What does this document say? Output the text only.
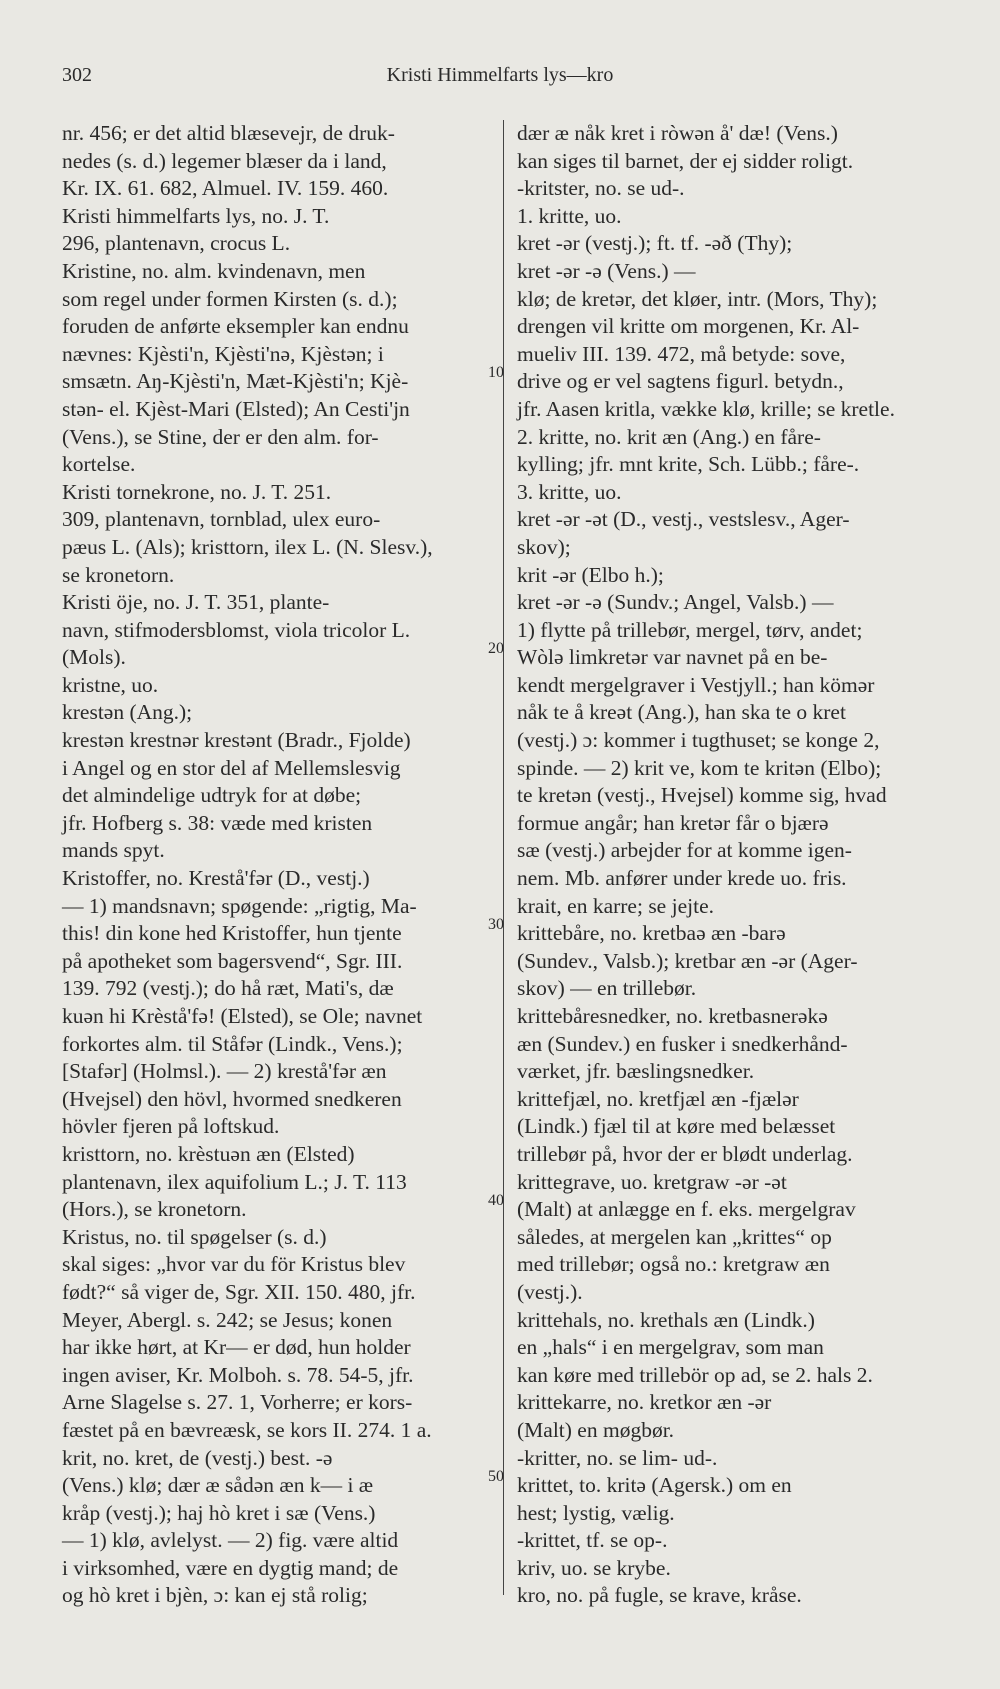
302	Kristi Himmelfarts lys—kro
nr. 456; er det altid blæsevejr, de druk-
nedes (s. d.) legemer blæser da i land,
Kr. IX. 61. 682, Almuel. IV. 159. 460.
Kristi himmelfarts lys, no. J. T.
296, plantenavn, crocus L.
Kristine, no. alm. kvindenavn, men
som regel under formen Kirsten (s. d.);
foruden de anførte eksempler kan endnu
nævnes: Kjèsti'n, Kjèsti'nə, Kjèstən; i
smsætn. Aŋ-Kjèsti'n, Mæt-Kjèsti'n; Kjè-
stən- el. Kjèst-Mari (Elsted); An Cesti'jn
(Vens.), se Stine, der er den alm. for-
kortelse.
Kristi tornekrone, no. J. T. 251.
309, plantenavn, tornblad, ulex euro-
pæus L. (Als); kristtorn, ilex L. (N. Slesv.),
se kronetorn.
Kristi öje, no. J. T. 351, plante-
navn, stifmodersblomst, viola tricolor L.
(Mols).
kristne, uo.
krestən (Ang.);
krestən krestnər krestənt (Bradr., Fjolde)
i Angel og en stor del af Mellemslesvig
det almindelige udtryk for at døbe;
jfr. Hofberg s. 38: væde med kristen
mands spyt.
Kristoffer, no. Krestå'fər (D., vestj.)
— 1) mandsnavn; spøgende: „rigtig, Ma-
this! din kone hed Kristoffer, hun tjente
på apotheket som bagersvend“, Sgr. III.
139. 792 (vestj.); do hå ræt, Mati's, dæ
kuən hi Krèstå'fə! (Elsted), se Ole; navnet
forkortes alm. til Ståfər (Lindk., Vens.);
[Stafər] (Holmsl.). — 2) krestå'fər æn
(Hvejsel) den hövl, hvormed snedkeren
hövler fjeren på loftskud.
kristtorn, no. krèstuən æn (Elsted)
plantenavn, ilex aquifolium L.; J. T. 113
(Hors.), se kronetorn.
Kristus, no. til spøgelser (s. d.)
skal siges: „hvor var du för Kristus blev
født?“ så viger de, Sgr. XII. 150. 480, jfr.
Meyer, Abergl. s. 242; se Jesus; konen
har ikke hørt, at Kr— er død, hun holder
ingen aviser, Kr. Molboh. s. 78. 54-5, jfr.
Arne Slagelse s. 27. 1, Vorherre; er kors-
fæstet på en bævreæsk, se kors II. 274. 1 a.
krit, no. kret, de (vestj.) best. -ə
(Vens.) klø; dær æ sådən æn k— i æ
kråp (vestj.); haj hò kret i sæ (Vens.)
— 1) klø, avlelyst. — 2) fig. være altid
i virksomhed, være en dygtig mand; de
og hò kret i bjèn, ɔ: kan ej stå rolig;
dær æ nåk kret i ròwən å' dæ! (Vens.)
kan siges til barnet, der ej sidder roligt.
-kritster, no. se ud-.
1. kritte, uo.
kret -ər (vestj.); ft. tf. -əð (Thy);
kret -ər -ə (Vens.) —
klø; de kretər, det kløer, intr. (Mors, Thy);
drengen vil kritte om morgenen, Kr. Al-
mueliv III. 139. 472, må betyde: sove,
drive og er vel sagtens figurl. betydn.,
jfr. Aasen kritla, vække klø, krille; se kretle.
2. kritte, no. krit æn (Ang.) en fåre-
kylling; jfr. mnt krite, Sch. Lübb.; fåre-.
3. kritte, uo.
kret -ər -ət (D., vestj., vestslesv., Ager-
skov);
krit -ər (Elbo h.);
kret -ər -ə (Sundv.; Angel, Valsb.) —
1) flytte på trillebør, mergel, tørv, andet;
Wòlə limkretər var navnet på en be-
kendt mergelgraver i Vestjyll.; han kömər
nåk te å kreət (Ang.), han ska te o kret
(vestj.) ɔ: kommer i tugthuset; se konge 2,
spinde. — 2) krit ve, kom te kritən (Elbo);
te kretən (vestj., Hvejsel) komme sig, hvad
formue angår; han kretər får o bjærə
sæ (vestj.) arbejder for at komme igen-
nem. Mb. anfører under krede uo. fris.
krait, en karre; se jejte.
krittebåre, no. kretbaə æn -barə
(Sundev., Valsb.); kretbar æn -ər (Ager-
skov) — en trillebør.
krittebåresnedker, no. kretbasnerəkə
æn (Sundev.) en fusker i snedkerhånd-
værket, jfr. bæslingsnedker.
krittefjæl, no. kretfjæl æn -fjælər
(Lindk.) fjæl til at køre med belæsset
trillebør på, hvor der er blødt underlag.
krittegrave, uo. kretgraw -ər -ət
(Malt) at anlægge en f. eks. mergelgrav
således, at mergelen kan „krittes“ op
med trillebør; også no.: kretgraw æn
(vestj.).
krittehals, no. krethals æn (Lindk.)
en „hals“ i en mergelgrav, som man
kan køre med trillebör op ad, se 2. hals 2.
krittekarre, no. kretkor æn -ər
(Malt) en møgbør.
-kritter, no. se lim- ud-.
krittet, to. kritə (Agersk.) om en
hest; lystig, vælig.
-krittet, tf. se op-.
kriv, uo. se krybe.
kro, no. på fugle, se krave, kråse.
10
20
30
40
50
